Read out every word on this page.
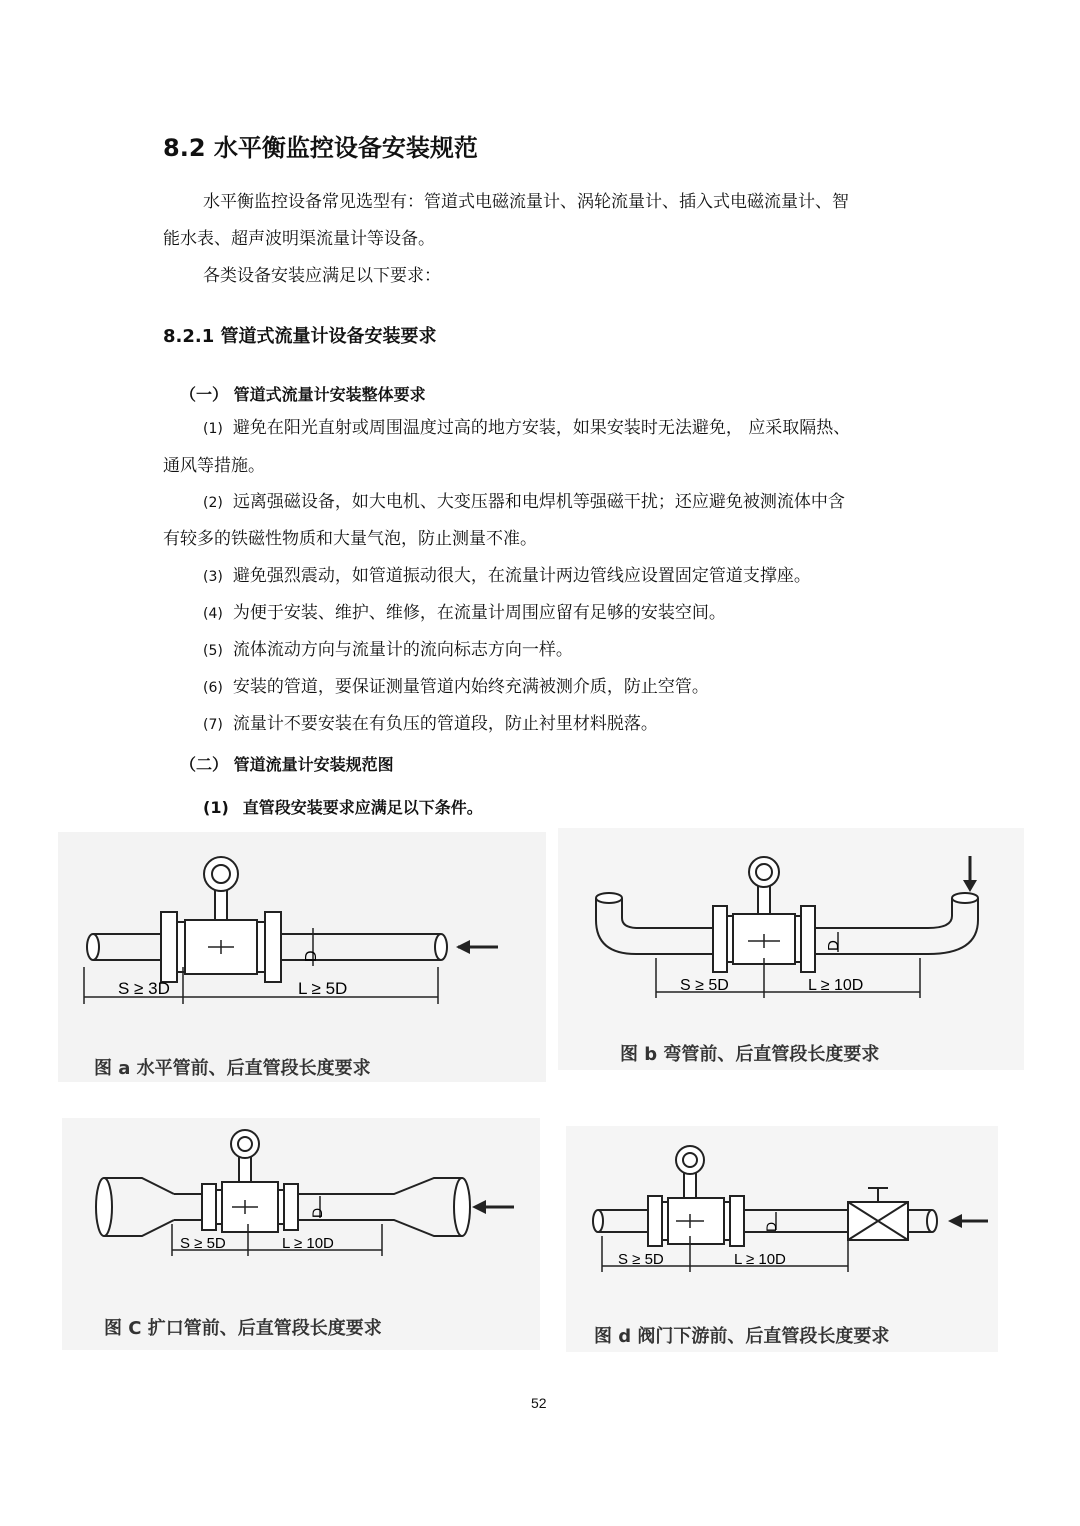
8.2 水平衡监控设备安装规范
水平衡监控设备常见选型有：管道式电磁流量计、涡轮流量计、插入式电磁流量计、智
能水表、超声波明渠流量计等设备。
各类设备安装应满足以下要求：
8.2.1 管道式流量计设备安装要求
（一） 管道式流量计安装整体要求
(1) 避免在阳光直射或周围温度过高的地方安装，如果安装时无法避免， 应采取隔热、
通风等措施。
(2) 远离强磁设备，如大电机、大变压器和电焊机等强磁干扰；还应避免被测流体中含
有较多的铁磁性物质和大量气泡，防止测量不准。
(3) 避免强烈震动，如管道振动很大，在流量计两边管线应设置固定管道支撑座。
(4) 为便于安装、维护、维修，在流量计周围应留有足够的安装空间。
(5) 流体流动方向与流量计的流向标志方向一样。
(6) 安装的管道，要保证测量管道内始终充满被测介质，防止空管。
(7) 流量计不要安装在有负压的管道段，防止衬里材料脱落。
（二） 管道流量计安装规范图
(1) 直管段安装要求应满足以下条件。
D
S ≥ 3D	L ≥ 5D
图 a 水平管前、后直管段长度要求
D
S ≥ 5D	L ≥ 10D
图 b 弯管前、后直管段长度要求
D
S ≥ 5D	L ≥ 10D
图 C 扩口管前、后直管段长度要求
D
S ≥ 5D	L ≥ 10D
图 d 阀门下游前、后直管段长度要求
52
